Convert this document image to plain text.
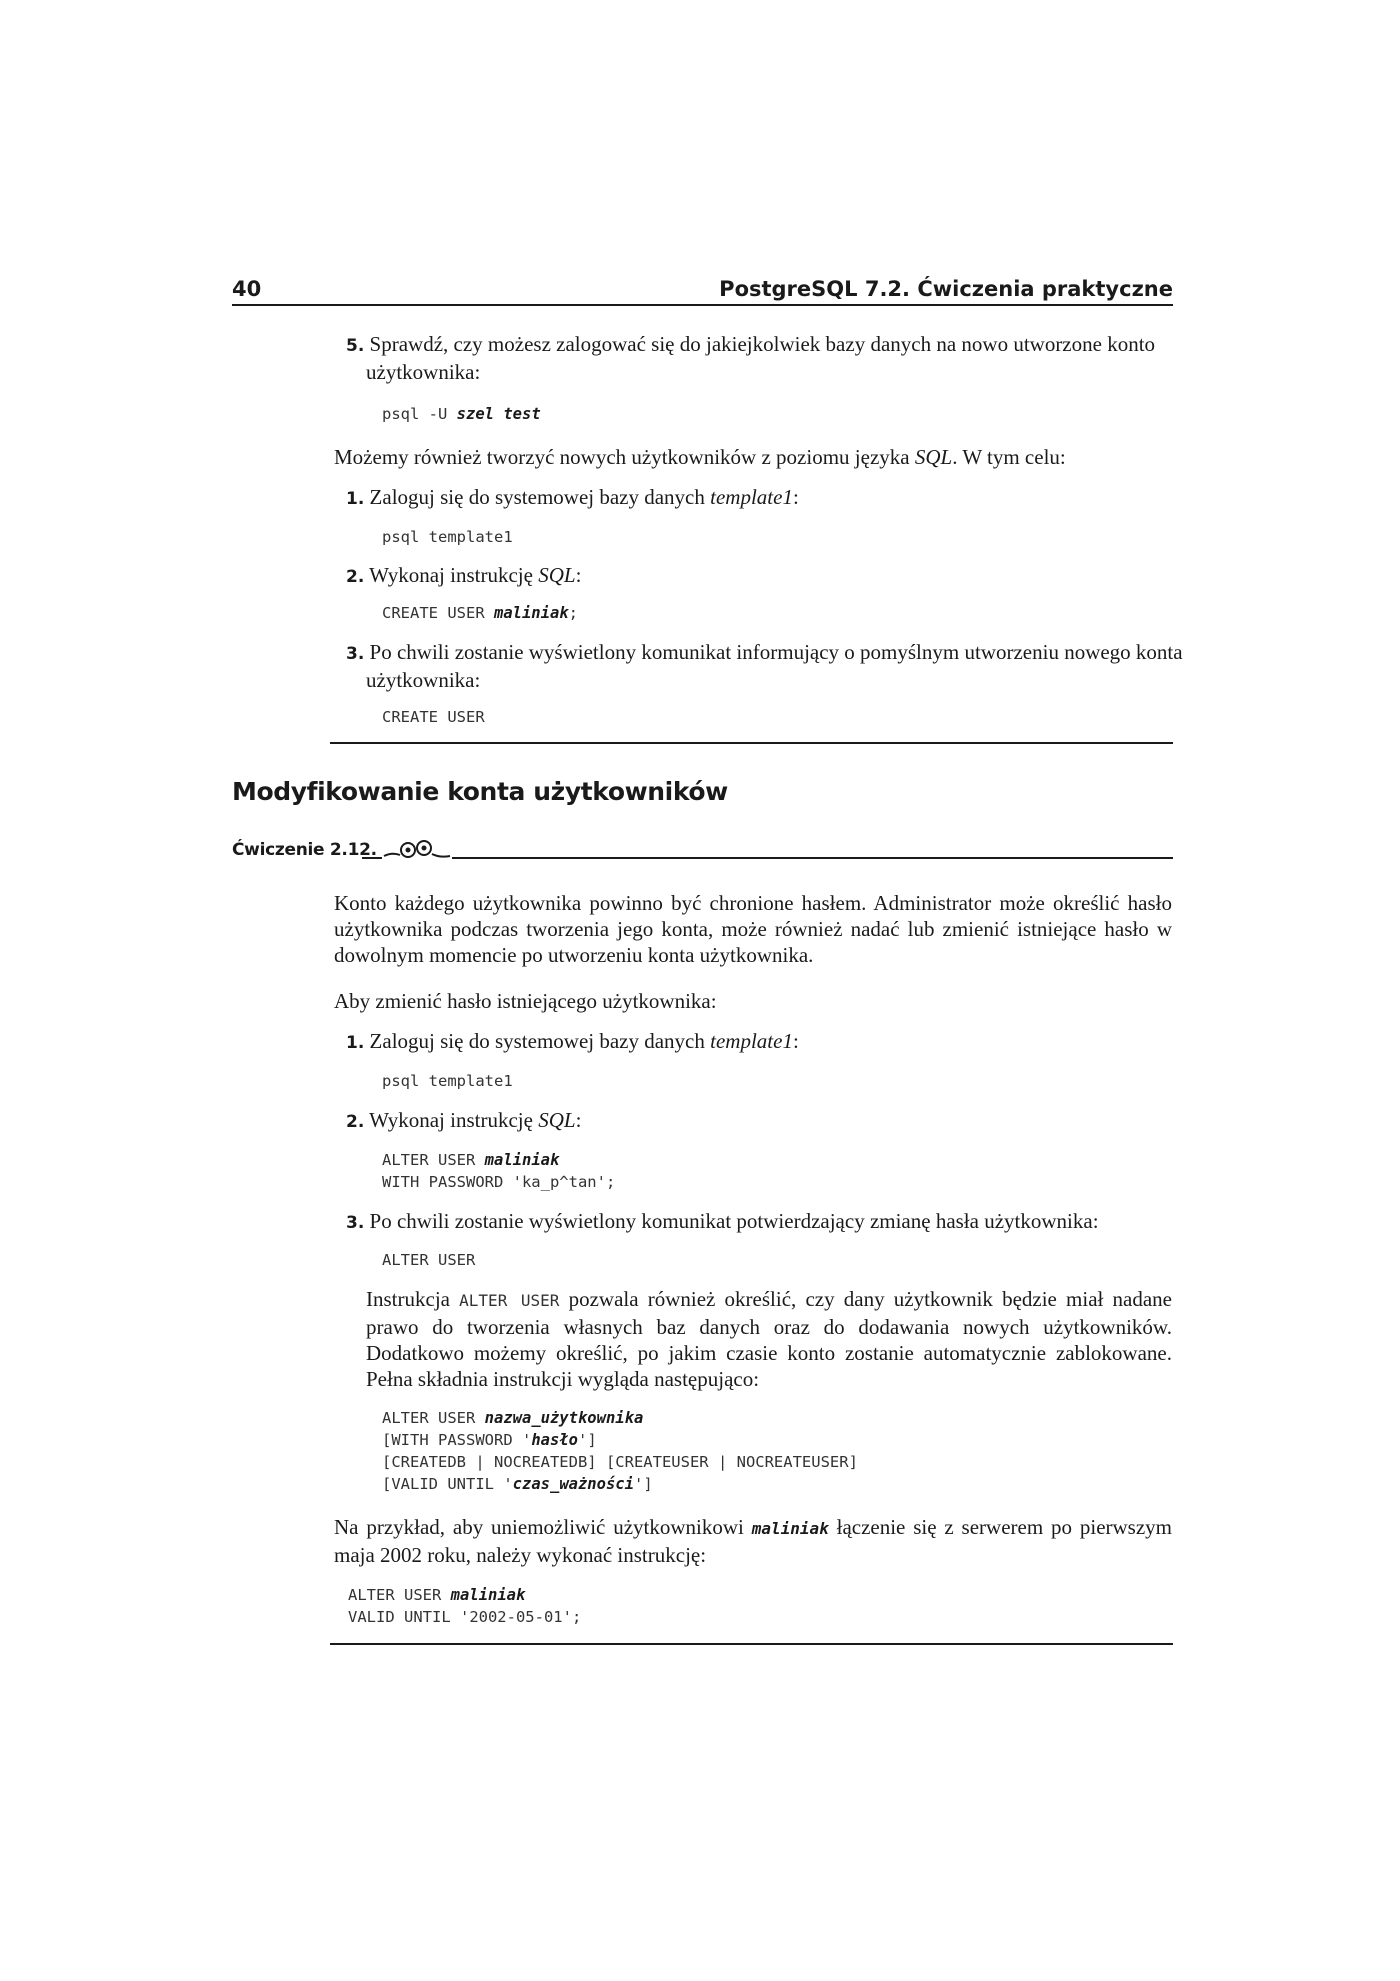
40	PostgreSQL 7.2. Ćwiczenia praktyczne
5. Sprawdź, czy możesz zalogować się do jakiejkolwiek bazy danych na nowo utworzone konto użytkownika:
psql -U szel test
Możemy również tworzyć nowych użytkowników z poziomu języka SQL. W tym celu:
1. Zaloguj się do systemowej bazy danych template1:
psql template1
2. Wykonaj instrukcję SQL:
CREATE USER maliniak;
3. Po chwili zostanie wyświetlony komunikat informujący o pomyślnym utworzeniu nowego konta użytkownika:
CREATE USER
Modyfikowanie konta użytkowników
Ćwiczenie 2.12.
Konto każdego użytkownika powinno być chronione hasłem. Administrator może określić hasło użytkownika podczas tworzenia jego konta, może również nadać lub zmienić istniejące hasło w dowolnym momencie po utworzeniu konta użytkownika.
Aby zmienić hasło istniejącego użytkownika:
1. Zaloguj się do systemowej bazy danych template1:
psql template1
2. Wykonaj instrukcję SQL:
ALTER USER maliniak
WITH PASSWORD 'ka_p^tan';
3. Po chwili zostanie wyświetlony komunikat potwierdzający zmianę hasła użytkownika:
ALTER USER
Instrukcja ALTER USER pozwala również określić, czy dany użytkownik będzie miał nadane prawo do tworzenia własnych baz danych oraz do dodawania nowych użytkowników. Dodatkowo możemy określić, po jakim czasie konto zostanie automatycznie zablokowane. Pełna składnia instrukcji wygląda następująco:
ALTER USER nazwa_użytkownika
[WITH PASSWORD 'hasło']
[CREATEDB | NOCREATEDB] [CREATEUSER | NOCREATEUSER]
[VALID UNTIL 'czas_ważności']
Na przykład, aby uniemożliwić użytkownikowi maliniak łączenie się z serwerem po pierwszym maja 2002 roku, należy wykonać instrukcję:
ALTER USER maliniak
VALID UNTIL '2002-05-01';
